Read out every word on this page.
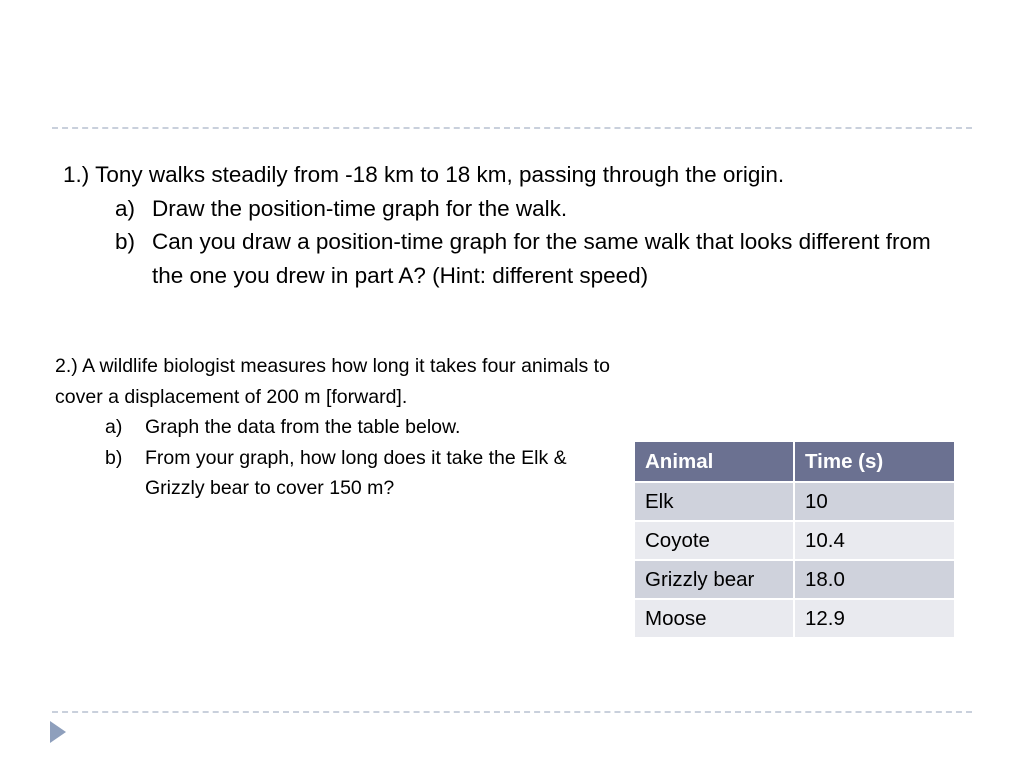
1.) Tony walks steadily from -18 km to 18 km, passing through the origin.
a) Draw the position-time graph for the walk.
b) Can you draw a position-time graph for the same walk that looks different from the one you drew in part A? (Hint: different speed)
2.) A wildlife biologist measures how long it takes four animals to cover a displacement of 200 m [forward].
a)	Graph the data from the table below.
b)	From your graph, how long does it take the Elk & Grizzly bear to cover 150 m?
Animal	Time (s)
Elk	10
Coyote	10.4
Grizzly bear	18.0
Moose	12.9
